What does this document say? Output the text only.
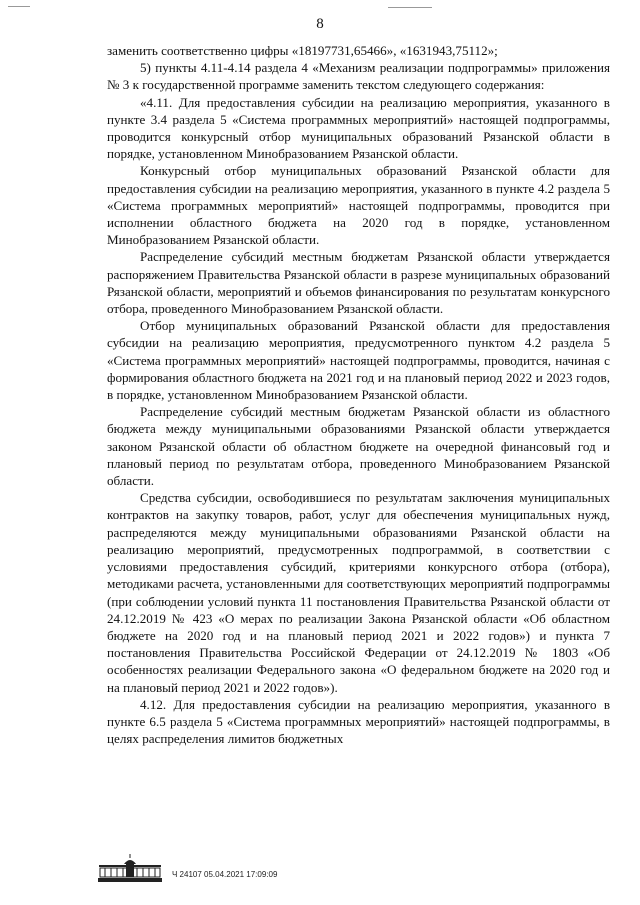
8

заменить соответственно цифры «18197731,65466», «1631943,75112»;

5) пункты 4.11-4.14 раздела 4 «Механизм реализации подпрограммы» приложения № 3 к государственной программе заменить текстом следующего содержания:

«4.11. Для предоставления субсидии на реализацию мероприятия, указанного в пункте 3.4 раздела 5 «Система программных мероприятий» настоящей подпрограммы, проводится конкурсный отбор муниципальных образований Рязанской области в порядке, установленном Минобразованием Рязанской области.

Конкурсный отбор муниципальных образований Рязанской области для предоставления субсидии на реализацию мероприятия, указанного в пункте 4.2 раздела 5 «Система программных мероприятий» настоящей подпрограммы, проводится при исполнении областного бюджета на 2020 год в порядке, установленном Минобразованием Рязанской области.

Распределение субсидий местным бюджетам Рязанской области утверждается распоряжением Правительства Рязанской области в разрезе муниципальных образований Рязанской области, мероприятий и объемов финансирования по результатам конкурсного отбора, проведенного Минобразованием Рязанской области.

Отбор муниципальных образований Рязанской области для предоставления субсидии на реализацию мероприятия, предусмотренного пунктом 4.2 раздела 5 «Система программных мероприятий» настоящей подпрограммы, проводится, начиная с формирования областного бюджета на 2021 год и на плановый период 2022 и 2023 годов, в порядке, установленном Минобразованием Рязанской области.

Распределение субсидий местным бюджетам Рязанской области из областного бюджета между муниципальными образованиями Рязанской области утверждается законом Рязанской области об областном бюджете на очередной финансовый год и плановый период по результатам отбора, проведенного Минобразованием Рязанской области.

Средства субсидии, освободившиеся по результатам заключения муниципальных контрактов на закупку товаров, работ, услуг для обеспечения муниципальных нужд, распределяются между муниципальными образованиями Рязанской области на реализацию мероприятий, предусмотренных подпрограммой, в соответствии с условиями предоставления субсидий, критериями конкурсного отбора (отбора), методиками расчета, установленными для соответствующих мероприятий подпрограммы (при соблюдении условий пункта 11 постановления Правительства Рязанской области от 24.12.2019 № 423 «О мерах по реализации Закона Рязанской области «Об областном бюджете на 2020 год и на плановый период 2021 и 2022 годов») и пункта 7 постановления Правительства Российской Федерации от 24.12.2019 № 1803 «Об особенностях реализации Федерального закона «О федеральном бюджете на 2020 год и на плановый период 2021 и 2022 годов»).

4.12. Для предоставления субсидии на реализацию мероприятия, указанного в пункте 6.5 раздела 5 «Система программных мероприятий» настоящей подпрограммы, в целях распределения лимитов бюджетных

Ч 24107 05.04.2021 17:09:09
